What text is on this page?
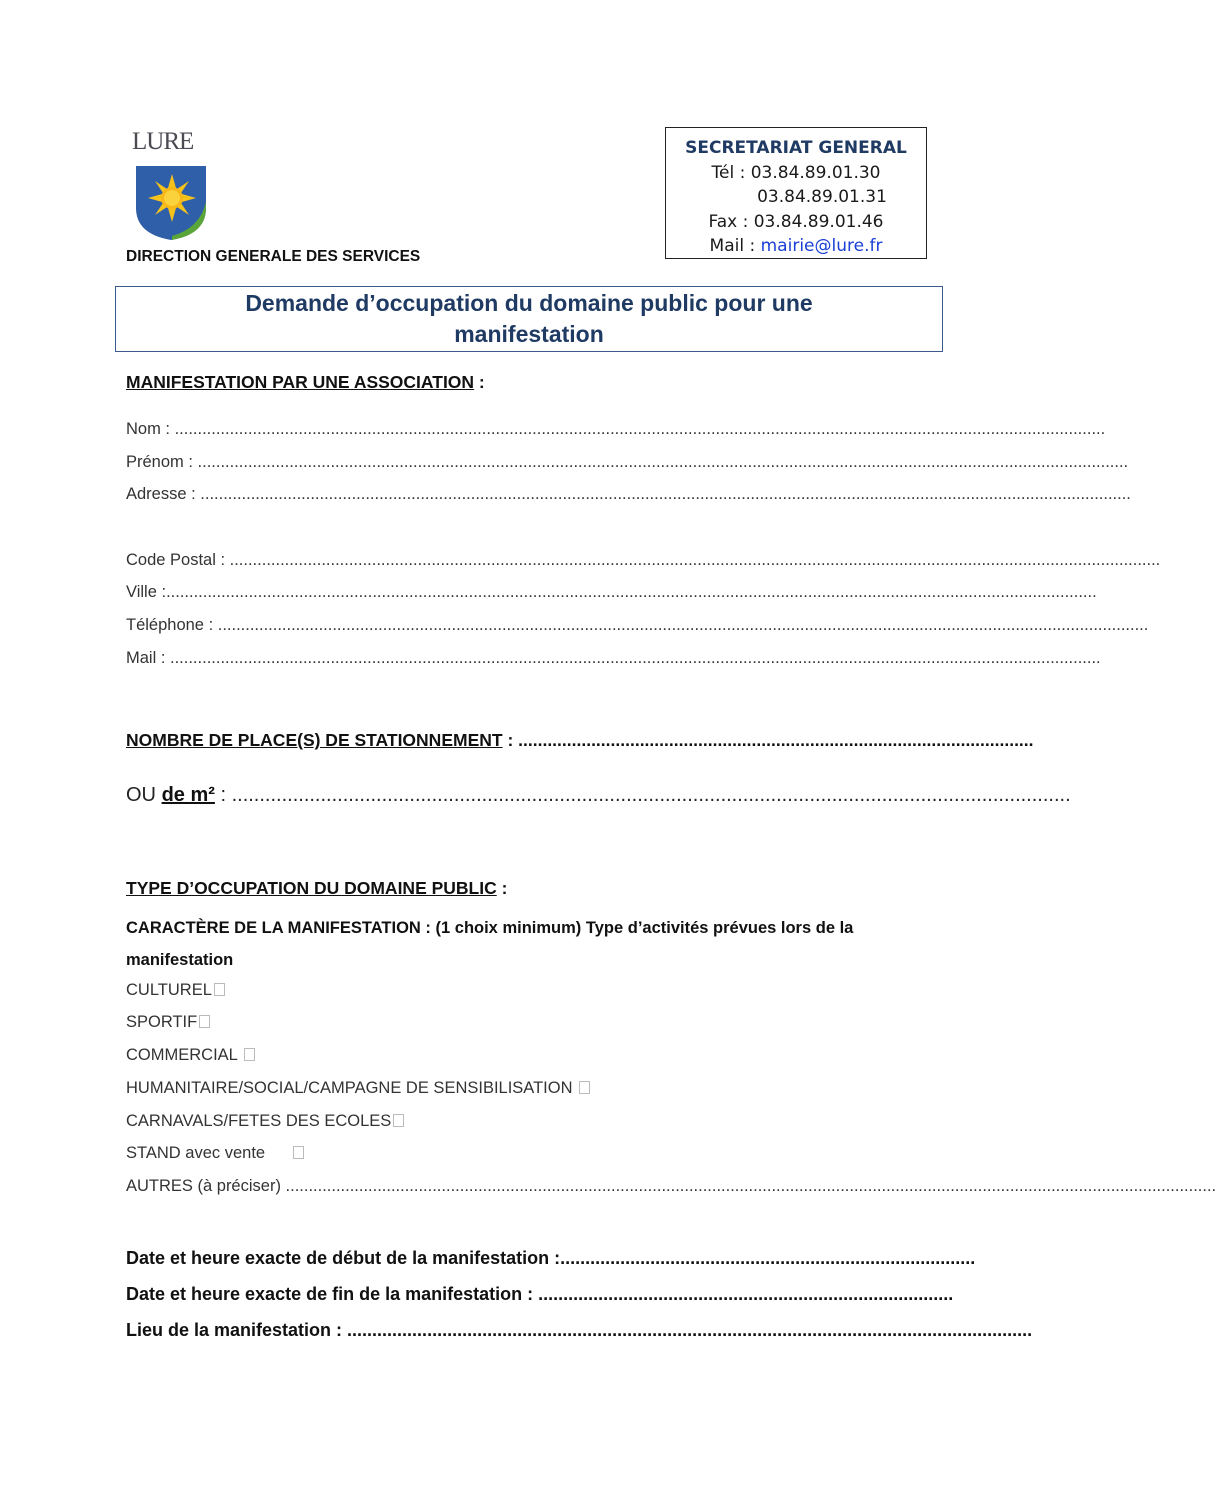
LURE
DIRECTION GENERALE DES SERVICES
SECRETARIAT GENERAL
Tél : 03.84.89.01.30
03.84.89.01.31
Fax : 03.84.89.01.46
Mail : mairie@lure.fr
Demande d’occupation du domaine public pour une
manifestation
MANIFESTATION PAR UNE ASSOCIATION :
Nom : ...........................................................................................................................................................................................................
Prénom : ...........................................................................................................................................................................................................
Adresse : ...........................................................................................................................................................................................................
Code Postal : ...........................................................................................................................................................................................................
Ville :...........................................................................................................................................................................................................
Téléphone : ...........................................................................................................................................................................................................
Mail : ...........................................................................................................................................................................................................
NOMBRE DE PLACE(S) DE STATIONNEMENT : ..........................................................................................................
OU de m² : .......................................................................................................................................................
TYPE D’OCCUPATION DU DOMAINE PUBLIC :
CARACTÈRE DE LA MANIFESTATION : (1 choix minimum) Type d’activités prévues lors de la manifestation
CULTUREL
SPORTIF
COMMERCIAL
HUMANITAIRE/SOCIAL/CAMPAGNE DE SENSIBILISATION
CARNAVALS/FETES DES ECOLES
STAND avec vente
AUTRES (à préciser) ...........................................................................................................................................................................................................
Date et heure exacte de début de la manifestation :...................................................................................
Date et heure exacte de fin de la manifestation : ...................................................................................
Lieu de la manifestation : .........................................................................................................................................
